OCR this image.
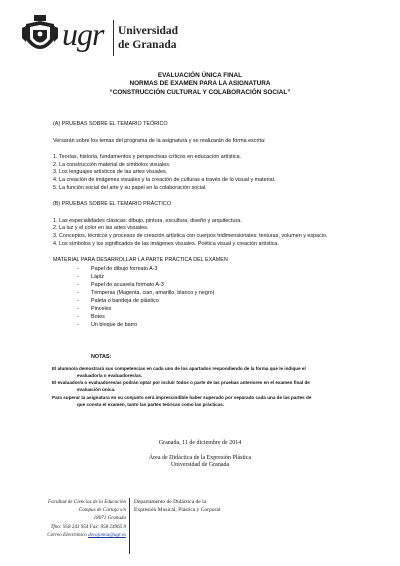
ugr Universidad
de Granada
EVALUACIÓN ÚNICA FINAL
NORMAS DE EXAMEN PARA LA ASIGNATURA
“CONSTRUCCIÓN CULTURAL Y COLABORACIÓN SOCIAL”

(A) PRUEBAS SOBRE EL TEMARIO TEÓRICO

Versarán sobre los temas del programa de la asignatura y se realizarán de forma escrita:

1. Teorías, historia, fundamentos y perspectivas críticos en educación artística.

2. La construcción material de símbolos visuales.

3. Los lenguajes artísticos de las artes visuales.

4. La creación de imágenes visuales y la creación de culturas a través de lo visual y material.

5. La función social del arte y su papel en la colaboración social.

(B) PRUEBAS SOBRE EL TEMARIO PRÁCTICO

1. Las especialidades clásicas: dibujo, pintura, escultura, diseño y arquitectura.

2. La luz y el color en las artes visuales.

3. Conceptos, técnicos y procesos de creación artística con cuerpos tridimensionales: texturas, volumen y espacio.

4. Los símbolos y los significados de las imágenes visuales. Poética visual y creación artística.

MATERIAL PARA DESARROLLAR LA PARTE PRÁCTICA DEL EXAMEN

- Papel de dibujo formato A-3
- Lápiz
- Papel de acuarela formato A-3
- Témperas (Magenta, cian, amarillo, blanco y negro)
- Paleta o bandeja de plástico
- Pinceles
- Botes
- Un bloque de barro
NOTAS:

El alumno/a demostrará sus competencias en cada uno de los apartados respondiendo de la forma que le indique el
evaluador/a o evaluadores/as.

El evaluador/a o evaluadores/as podrán optar por incluir todos o parte de las pruebas anteriores en el examen final de
evaluación única.

Para superar la asignatura en su conjunto será imprescindible haber superado por separado cada una de las partes de
que consta el examen, tanto las partes teóricas como las prácticas.

Granada, 11 de diciembre de 2014
Área de Didáctica de la Expresión Plástica
Universidad de Granada
Facultad de Ciencias de la Educación
Campus de Cartuja s/n
18071 Granada
Tfno: 958 243 954 Fax: 958 24965 9
Correo Electrónico decajonna@ugr.es
Departamento de Didáctica de la
Expresión Musical, Plástica y Corporal
